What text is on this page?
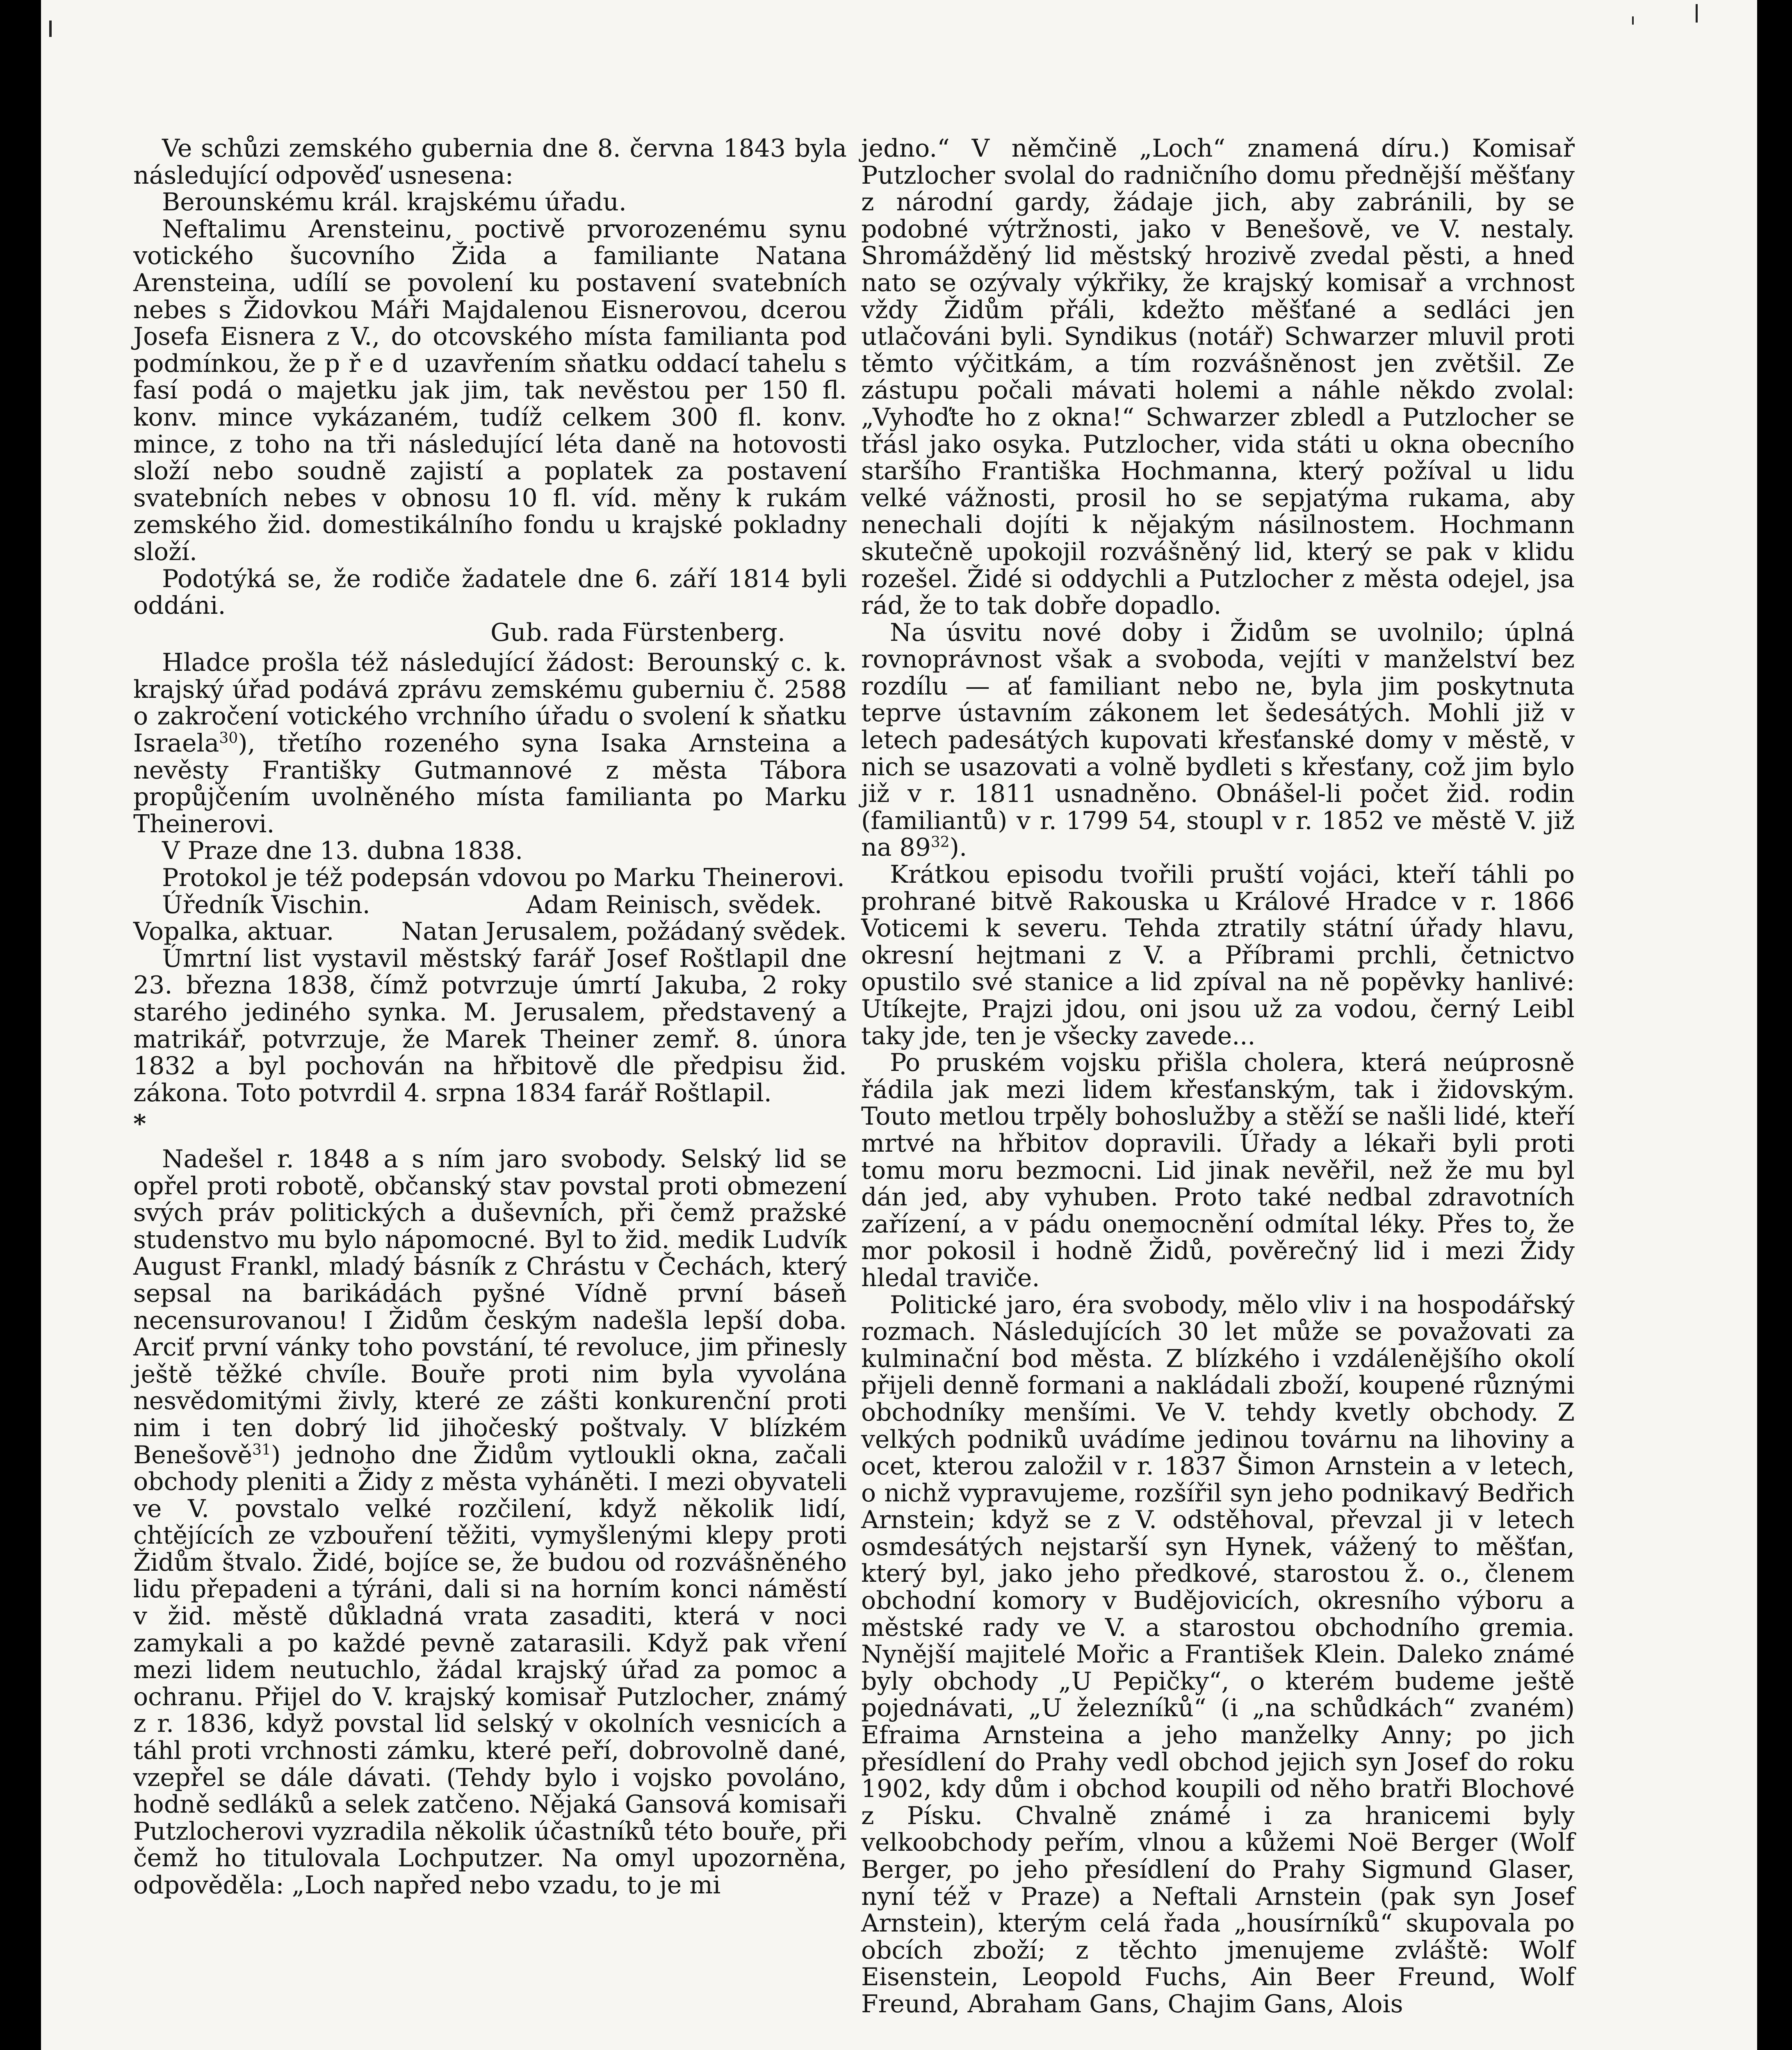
Ve schůzi zemského gubernia dne 8. června 1843 byla následující odpověď usnesena:

Berounskému král. krajskému úřadu.

Neftalimu Arensteinu, poctivě prvorozenému synu votického šucovního Žida a familiante Natana Arensteina, udílí se povolení ku postavení svatebních nebes s Židovkou Máři Majdalenou Eisnerovou, dcerou Josefa Eisnera z V., do otcovského místa familianta pod podmínkou, že před uzavřením sňatku oddací tahelu s fasí podá o majetku jak jim, tak nevěstou per 150 fl. konv. mince vykázaném, tudíž celkem 300 fl. konv. mince, z toho na tři následující léta daně na hotovosti složí nebo soudně zajistí a poplatek za postavení svatebních nebes v obnosu 10 fl. víd. měny k rukám zemského žid. domestikálního fondu u krajské pokladny složí.

Podotýká se, že rodiče žadatele dne 6. září 1814 byli oddáni.

Gub. rada Fürstenberg.

Hladce prošla též následující žádost: Berounský c. k. krajský úřad podává zprávu zemskému guberniu č. 2588 o zakročení votického vrchního úřadu o svolení k sňatku Israela$^{30}$), třetího rozeného syna Isaka Arnsteina a nevěsty Františky Gutmannové z města Tábora propůjčením uvolněného místa familianta po Marku Theinerovi.

V Praze dne 13. dubna 1838.

Protokol je též podepsán vdovou po Marku Theinerovi.

Úředník Vischin.	Adam Reinisch, svědek.

Vopalka, aktuar.	Natan Jerusalem, požádaný svědek.

Úmrtní list vystavil městský farář Josef Roštlapil dne 23. března 1838, čímž potvrzuje úmrtí Jakuba, 2 roky starého jediného synka. M. Jerusalem, představený a matrikář, potvrzuje, že Marek Theiner zemř. 8. února 1832 a byl pochován na hřbitově dle předpisu žid. zákona. Toto potvrdil 4. srpna 1834 farář Roštlapil.

*

Nadešel r. 1848 a s ním jaro svobody. Selský lid se opřel proti robotě, občanský stav povstal proti obmezení svých práv politických a duševních, při čemž pražské studenstvo mu bylo nápomocné. Byl to žid. medik Ludvík August Frankl, mladý básník z Chrástu v Čechách, který sepsal na barikádách pyšné Vídně první báseň necensurovanou! I Židům českým nadešla lepší doba. Arciť první vánky toho povstání, té revoluce, jim přinesly ještě těžké chvíle. Bouře proti nim byla vyvolána nesvědomitými živly, které ze zášti konkurenční proti nim i ten dobrý lid jihočeský poštvaly. V blízkém Benešově$^{31}$) jednoho dne Židům vytloukli okna, začali obchody pleniti a Židy z města vyháněti. I mezi obyvateli ve V. povstalo velké rozčilení, když několik lidí, chtějících ze vzbouření těžiti, vymyšlenými klepy proti Židům štvalo. Židé, bojíce se, že budou od rozvášněného lidu přepadeni a týráni, dali si na horním konci náměstí v žid. městě důkladná vrata zasaditi, která v noci zamykali a po každé pevně zatarasili. Když pak vření mezi lidem neutuchlo, žádal krajský úřad za pomoc a ochranu. Přijel do V. krajský komisař Putzlocher, známý z r. 1836, když povstal lid selský v okolních vesnicích a táhl proti vrchnosti zámku, které peří, dobrovolně dané, vzepřel se dále dávati. (Tehdy bylo i vojsko povoláno, hodně sedláků a selek zatčeno. Nějaká Gansová komisaři Putzlocherovi vyzradila několik účastníků této bouře, při čemž ho titulovala Lochputzer. Na omyl upozorněna, odpověděla: „Loch napřed nebo vzadu, to je mi

jedno.“ V němčině „Loch“ znamená díru.) Komisař Putzlocher svolal do radničního domu přednější měšťany z národní gardy, žádaje jich, aby zabránili, by se podobné výtržnosti, jako v Benešově, ve V. nestaly. Shromážděný lid městský hrozivě zvedal pěsti, a hned nato se ozývaly výkřiky, že krajský komisař a vrchnost vždy Židům přáli, kdežto měšťané a sedláci jen utlačováni byli. Syndikus (notář) Schwarzer mluvil proti těmto výčitkám, a tím rozvášněnost jen zvětšil. Ze zástupu počali mávati holemi a náhle někdo zvolal: „Vyhoďte ho z okna!“ Schwarzer zbledl a Putzlocher se třásl jako osyka. Putzlocher, vida státi u okna obecního staršího Františka Hochmanna, který požíval u lidu velké vážnosti, prosil ho se sepjatýma rukama, aby nenechali dojíti k nějakým násilnostem. Hochmann skutečně upokojil rozvášněný lid, který se pak v klidu rozešel. Židé si oddychli a Putzlocher z města odejel, jsa rád, že to tak dobře dopadlo.

Na úsvitu nové doby i Židům se uvolnilo; úplná rovnoprávnost však a svoboda, vejíti v manželství bez rozdílu — ať familiant nebo ne, byla jim poskytnuta teprve ústavním zákonem let šedesátých. Mohli již v letech padesátých kupovati křesťanské domy v městě, v nich se usazovati a volně bydleti s křesťany, což jim bylo již v r. 1811 usnadněno. Obnášel-li počet žid. rodin (familiantů) v r. 1799 54, stoupl v r. 1852 ve městě V. již na $89^{32}$).

Krátkou episodu tvořili pruští vojáci, kteří táhli po prohrané bitvě Rakouska u Králové Hradce v r. 1866 Voticemi k severu. Tehda ztratily státní úřady hlavu, okresní hejtmani z V. a Příbrami prchli, četnictvo opustilo své stanice a lid zpíval na ně popěvky hanlivé: Utíkejte, Prajzi jdou, oni jsou už za vodou, černý Leibl taky jde, ten je všecky zavede...

Po pruském vojsku přišla cholera, která neúprosně řádila jak mezi lidem křesťanským, tak i židovským. Touto metlou trpěly bohoslužby a stěží se našli lidé, kteří mrtvé na hřbitov dopravili. Úřady a lékaři byli proti tomu moru bezmocni. Lid jinak nevěřil, než že mu byl dán jed, aby vyhuben. Proto také nedbal zdravotních zařízení, a v pádu onemocnění odmítal léky. Přes to, že mor pokosil i hodně Židů, pověrečný lid i mezi Židy hledal traviče.

Politické jaro, éra svobody, mělo vliv i na hospodářský rozmach. Následujících 30 let může se považovati za kulminační bod města. Z blízkého i vzdálenějšího okolí přijeli denně formani a nakládali zboží, koupené různými obchodníky menšími. Ve V. tehdy kvetly obchody. Z velkých podniků uvádíme jedinou továrnu na lihoviny a ocet, kterou založil v r. 1837 Šimon Arnstein a v letech, o nichž vypravujeme, rozšířil syn jeho podnikavý Bedřich Arnstein; když se z V. odstěhoval, převzal ji v letech osmdesátých nejstarší syn Hynek, vážený to měšťan, který byl, jako jeho předkové, starostou ž. o., členem obchodní komory v Budějovicích, okresního výboru a městské rady ve V. a starostou obchodního gremia. Nynější majitelé Mořic a František Klein. Daleko známé byly obchody „U Pepičky“, o kterém budeme ještě pojednávati, „U železníků“ (i „na schůdkách“ zvaném) Efraima Arnsteina a jeho manželky Anny; po jich přesídlení do Prahy vedl obchod jejich syn Josef do roku 1902, kdy dům i obchod koupili od něho bratři Blochové z Písku. Chvalně známé i za hranicemi byly velkoobchody peřím, vlnou a kůžemi Noë Berger (Wolf Berger, po jeho přesídlení do Prahy Sigmund Glaser, nyní též v Praze) a Neftali Arnstein (pak syn Josef Arnstein), kterým celá řada „housírníků“ skupovala po obcích zboží; z těchto jmenujeme zvláště: Wolf Eisenstein, Leopold Fuchs, Ain Beer Freund, Wolf Freund, Abraham Gans, Chajim Gans, Alois
